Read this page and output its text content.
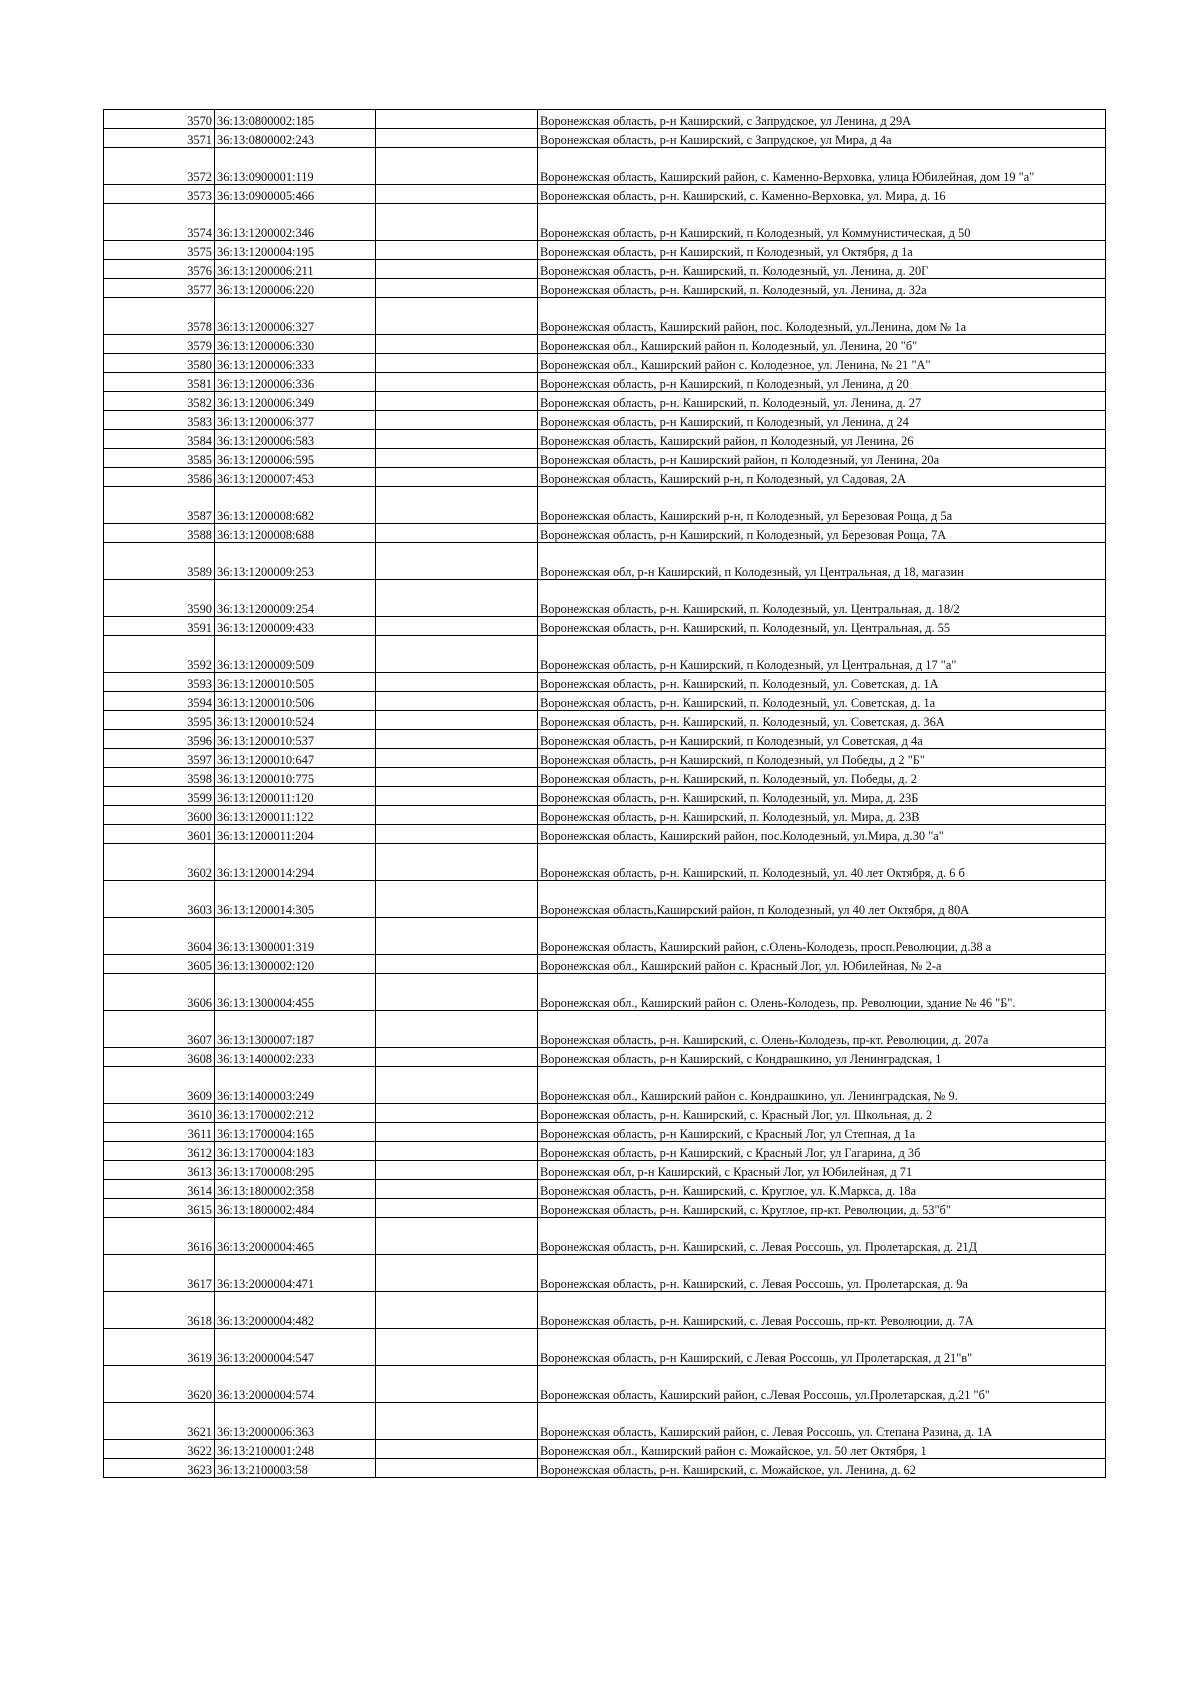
3570	36:13:0800002:185		Воронежская область, р-н Каширский, с Запрудское, ул Ленина, д 29А
3571	36:13:0800002:243		Воронежская область, р-н Каширский, с Запрудское, ул Мира, д 4а
3572	36:13:0900001:119		Воронежская область, Каширский район, с. Каменно-Верховка, улица Юбилейная, дом 19 "а"
3573	36:13:0900005:466		Воронежская область, р-н. Каширский, с. Каменно-Верховка, ул. Мира, д. 16
3574	36:13:1200002:346		Воронежская область, р-н Каширский, п Колодезный, ул Коммунистическая, д 50
3575	36:13:1200004:195		Воронежская область, р-н Каширский, п Колодезный, ул Октября, д 1а
3576	36:13:1200006:211		Воронежская область, р-н. Каширский, п. Колодезный, ул. Ленина, д. 20Г
3577	36:13:1200006:220		Воронежская область, р-н. Каширский, п. Колодезный, ул. Ленина, д. 32а
3578	36:13:1200006:327		Воронежская область, Каширский район, пос. Колодезный, ул.Ленина, дом № 1а
3579	36:13:1200006:330		Воронежская обл., Каширский район п. Колодезный, ул. Ленина, 20 "б"
3580	36:13:1200006:333		Воронежская обл., Каширский район с. Колодезное, ул. Ленина, № 21 "А"
3581	36:13:1200006:336		Воронежская область, р-н Каширский, п Колодезный, ул Ленина, д 20
3582	36:13:1200006:349		Воронежская область, р-н. Каширский, п. Колодезный, ул. Ленина, д. 27
3583	36:13:1200006:377		Воронежская область, р-н Каширский, п Колодезный, ул Ленина, д 24
3584	36:13:1200006:583		Воронежская область, Каширский район, п Колодезный, ул Ленина, 26
3585	36:13:1200006:595		Воронежская область, р-н Каширский район, п Колодезный, ул Ленина, 20а
3586	36:13:1200007:453		Воронежская область, Каширский р-н, п Колодезный, ул Садовая, 2А
3587	36:13:1200008:682		Воронежская область, Каширский р-н, п Колодезный, ул Березовая Роща, д 5а
3588	36:13:1200008:688		Воронежская область, р-н Каширский, п Колодезный, ул Березовая Роща, 7А
3589	36:13:1200009:253		Воронежская обл, р-н Каширский, п Колодезный, ул Центральная, д 18, магазин
3590	36:13:1200009:254		Воронежская область, р-н. Каширский, п. Колодезный, ул. Центральная, д. 18/2
3591	36:13:1200009:433		Воронежская область, р-н. Каширский, п. Колодезный, ул. Центральная, д. 55
3592	36:13:1200009:509		Воронежская область, р-н Каширский, п Колодезный, ул Центральная, д 17 "а"
3593	36:13:1200010:505		Воронежская область, р-н. Каширский, п. Колодезный, ул. Советская, д. 1А
3594	36:13:1200010:506		Воронежская область, р-н. Каширский, п. Колодезный, ул. Советская, д. 1а
3595	36:13:1200010:524		Воронежская область, р-н. Каширский, п. Колодезный, ул. Советская, д. 36А
3596	36:13:1200010:537		Воронежская область, р-н Каширский, п Колодезный, ул Советская, д 4а
3597	36:13:1200010:647		Воронежская область, р-н Каширский, п Колодезный, ул Победы, д 2 "Б"
3598	36:13:1200010:775		Воронежская область, р-н. Каширский, п. Колодезный, ул. Победы, д. 2
3599	36:13:1200011:120		Воронежская область, р-н. Каширский, п. Колодезный, ул. Мира, д. 23Б
3600	36:13:1200011:122		Воронежская область, р-н. Каширский, п. Колодезный, ул. Мира, д. 23В
3601	36:13:1200011:204		Воронежская область, Каширский район, пос.Колодезный, ул.Мира, д.30 "а"
3602	36:13:1200014:294		Воронежская область, р-н. Каширский, п. Колодезный, ул. 40 лет Октября, д. 6 б
3603	36:13:1200014:305		Воронежская область,Каширский район, п Колодезный, ул 40 лет Октября, д 80А
3604	36:13:1300001:319		Воронежская область, Каширский район, с.Олень-Колодезь, просп.Революции, д.38 а
3605	36:13:1300002:120		Воронежская обл., Каширский район с. Красный Лог, ул. Юбилейная, № 2-а
3606	36:13:1300004:455		Воронежская обл., Каширский район с. Олень-Колодезь, пр. Революции, здание № 46 "Б".
3607	36:13:1300007:187		Воронежская область, р-н. Каширский, с. Олень-Колодезь, пр-кт. Революции, д. 207а
3608	36:13:1400002:233		Воронежская область, р-н Каширский, с Кондрашкино, ул Ленинградская, 1
3609	36:13:1400003:249		Воронежская обл., Каширский район с. Кондрашкино, ул. Ленинградская, № 9.
3610	36:13:1700002:212		Воронежская область, р-н. Каширский, с. Красный Лог, ул. Школьная, д. 2
3611	36:13:1700004:165		Воронежская область, р-н Каширский, с Красный Лог, ул Степная, д 1а
3612	36:13:1700004:183		Воронежская область, р-н Каширский, с Красный Лог, ул Гагарина, д 3б
3613	36:13:1700008:295		Воронежская обл, р-н Каширский, с Красный Лог, ул Юбилейная, д 71
3614	36:13:1800002:358		Воронежская область, р-н. Каширский, с. Круглое, ул. К.Маркса, д. 18а
3615	36:13:1800002:484		Воронежская область, р-н. Каширский, с. Круглое, пр-кт. Революции, д. 53"б"
3616	36:13:2000004:465		Воронежская область, р-н. Каширский, с. Левая Россошь, ул. Пролетарская, д. 21Д
3617	36:13:2000004:471		Воронежская область, р-н. Каширский, с. Левая Россошь, ул. Пролетарская, д. 9а
3618	36:13:2000004:482		Воронежская область, р-н. Каширский, с. Левая Россошь, пр-кт. Революции, д. 7А
3619	36:13:2000004:547		Воронежская область, р-н Каширский, с Левая Россошь, ул Пролетарская, д 21"в"
3620	36:13:2000004:574		Воронежская область, Каширский район, с.Левая Россошь, ул.Пролетарская, д.21 "б"
3621	36:13:2000006:363		Воронежская область, Каширский район, с. Левая Россошь, ул. Степана Разина, д. 1А
3622	36:13:2100001:248		Воронежская обл., Каширский район с. Можайское, ул. 50 лет Октября, 1
3623	36:13:2100003:58		Воронежская область, р-н. Каширский, с. Можайское, ул. Ленина, д. 62
